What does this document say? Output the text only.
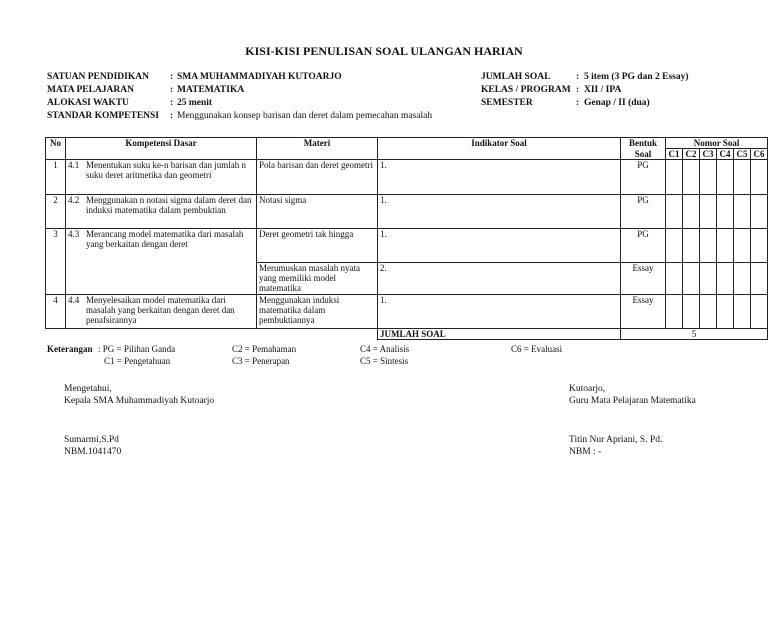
KISI-KISI PENULISAN SOAL ULANGAN HARIAN
SATUAN PENDIDIKAN : SMA MUHAMMADIYAH KUTOARJO
MATA PELAJARAN	: MATEMATIKA
ALOKASI WAKTU	: 25 menit
STANDAR KOMPETENSI : Menggunakan konsep barisan dan deret dalam pemecahan masalah
JUMLAH SOAL	: 5 item (3 PG dan 2 Essay)
KELAS / PROGRAM : XII / IPA
SEMESTER	: Genap / II (dua)
No	Kompetensi Dasar	Materi	Indikator Soal	Bentuk	Nomor Soal					
				Soal	C1	C2	C3	C4	C5	C6
1	4.1 Menentukan suku ke-n barisan dan jumlah n suku deret aritmetika dan geometri	Pola barisan dan deret geometri	1.	PG						
2	4.2 Menggunakan n notasi sigma dalam deret dan induksi matematika dalam pembuktian	Notasi sigma	1.	PG						
3	4.3 Merancang model matematika dari masalah yang berkaitan dengan deret	Deret geometri tak hingga	1.	PG						
		Merumuskan masalah nyata yang memiliki model matematika	2.	Essay						
4	4.4 Menyelesaikan model matematika dari masalah yang berkaitan dengan deret dan penafsirannya	Menggunakan induksi matematika dalam pembuktiannya	1.	Essay						
			JUMLAH SOAL	5						
Keterangan : PG = Pilihan Ganda
C1 = Pengetahuan
C2 = Pemahaman
C3 = Penerapan
C4 = Analisis
C5 = Sintesis
C6 = Evaluasi
Mengetahui,
Kepala SMA Muhammadiyah Kutoarjo
Sumarmi,S.Pd
NBM.1041470
Kutoarjo,
Guru Mata Pelajaran Matematika
Titin Nur Apriani, S. Pd.
NBM : -
